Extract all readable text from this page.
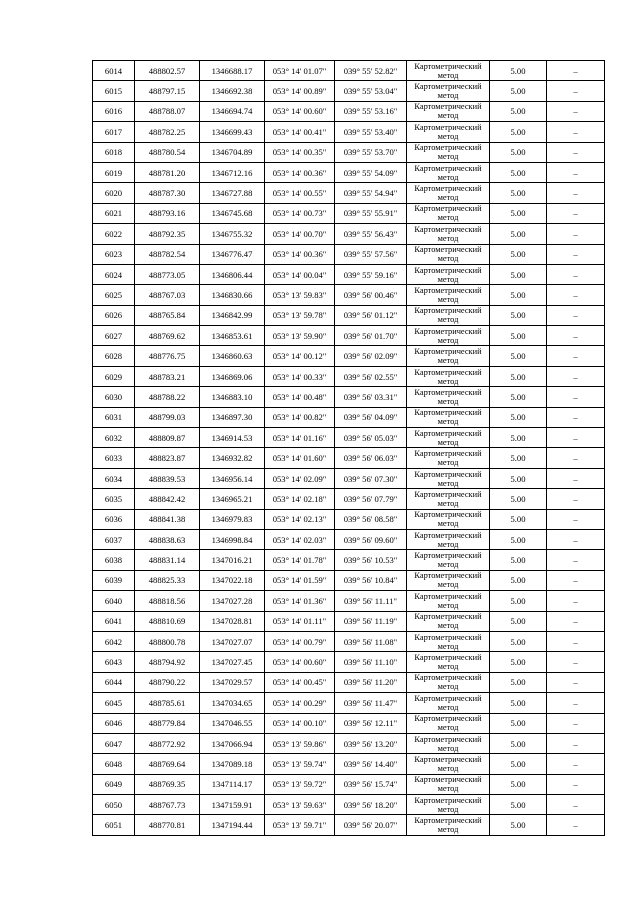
6014	488802.57	1346688.17	053° 14' 01.07"	039° 55' 52.82"	Картометрический метод	5.00	–
6015	488797.15	1346692.38	053° 14' 00.89"	039° 55' 53.04"	Картометрический метод	5.00	–
6016	488788.07	1346694.74	053° 14' 00.60"	039° 55' 53.16"	Картометрический метод	5.00	–
6017	488782.25	1346699.43	053° 14' 00.41"	039° 55' 53.40"	Картометрический метод	5.00	–
6018	488780.54	1346704.89	053° 14' 00.35"	039° 55' 53.70"	Картометрический метод	5.00	–
6019	488781.20	1346712.16	053° 14' 00.36"	039° 55' 54.09"	Картометрический метод	5.00	–
6020	488787.30	1346727.88	053° 14' 00.55"	039° 55' 54.94"	Картометрический метод	5.00	–
6021	488793.16	1346745.68	053° 14' 00.73"	039° 55' 55.91"	Картометрический метод	5.00	–
6022	488792.35	1346755.32	053° 14' 00.70"	039° 55' 56.43"	Картометрический метод	5.00	–
6023	488782.54	1346776.47	053° 14' 00.36"	039° 55' 57.56"	Картометрический метод	5.00	–
6024	488773.05	1346806.44	053° 14' 00.04"	039° 55' 59.16"	Картометрический метод	5.00	–
6025	488767.03	1346830.66	053° 13' 59.83"	039° 56' 00.46"	Картометрический метод	5.00	–
6026	488765.84	1346842.99	053° 13' 59.78"	039° 56' 01.12"	Картометрический метод	5.00	–
6027	488769.62	1346853.61	053° 13' 59.90"	039° 56' 01.70"	Картометрический метод	5.00	–
6028	488776.75	1346860.63	053° 14' 00.12"	039° 56' 02.09"	Картометрический метод	5.00	–
6029	488783.21	1346869.06	053° 14' 00.33"	039° 56' 02.55"	Картометрический метод	5.00	–
6030	488788.22	1346883.10	053° 14' 00.48"	039° 56' 03.31"	Картометрический метод	5.00	–
6031	488799.03	1346897.30	053° 14' 00.82"	039° 56' 04.09"	Картометрический метод	5.00	–
6032	488809.87	1346914.53	053° 14' 01.16"	039° 56' 05.03"	Картометрический метод	5.00	–
6033	488823.87	1346932.82	053° 14' 01.60"	039° 56' 06.03"	Картометрический метод	5.00	–
6034	488839.53	1346956.14	053° 14' 02.09"	039° 56' 07.30"	Картометрический метод	5.00	–
6035	488842.42	1346965.21	053° 14' 02.18"	039° 56' 07.79"	Картометрический метод	5.00	–
6036	488841.38	1346979.83	053° 14' 02.13"	039° 56' 08.58"	Картометрический метод	5.00	–
6037	488838.63	1346998.84	053° 14' 02.03"	039° 56' 09.60"	Картометрический метод	5.00	–
6038	488831.14	1347016.21	053° 14' 01.78"	039° 56' 10.53"	Картометрический метод	5.00	–
6039	488825.33	1347022.18	053° 14' 01.59"	039° 56' 10.84"	Картометрический метод	5.00	–
6040	488818.56	1347027.28	053° 14' 01.36"	039° 56' 11.11"	Картометрический метод	5.00	–
6041	488810.69	1347028.81	053° 14' 01.11"	039° 56' 11.19"	Картометрический метод	5.00	–
6042	488800.78	1347027.07	053° 14' 00.79"	039° 56' 11.08"	Картометрический метод	5.00	–
6043	488794.92	1347027.45	053° 14' 00.60"	039° 56' 11.10"	Картометрический метод	5.00	–
6044	488790.22	1347029.57	053° 14' 00.45"	039° 56' 11.20"	Картометрический метод	5.00	–
6045	488785.61	1347034.65	053° 14' 00.29"	039° 56' 11.47"	Картометрический метод	5.00	–
6046	488779.84	1347046.55	053° 14' 00.10"	039° 56' 12.11"	Картометрический метод	5.00	–
6047	488772.92	1347066.94	053° 13' 59.86"	039° 56' 13.20"	Картометрический метод	5.00	–
6048	488769.64	1347089.18	053° 13' 59.74"	039° 56' 14.40"	Картометрический метод	5.00	–
6049	488769.35	1347114.17	053° 13' 59.72"	039° 56' 15.74"	Картометрический метод	5.00	–
6050	488767.73	1347159.91	053° 13' 59.63"	039° 56' 18.20"	Картометрический метод	5.00	–
6051	488770.81	1347194.44	053° 13' 59.71"	039° 56' 20.07"	Картометрический метод	5.00	–
